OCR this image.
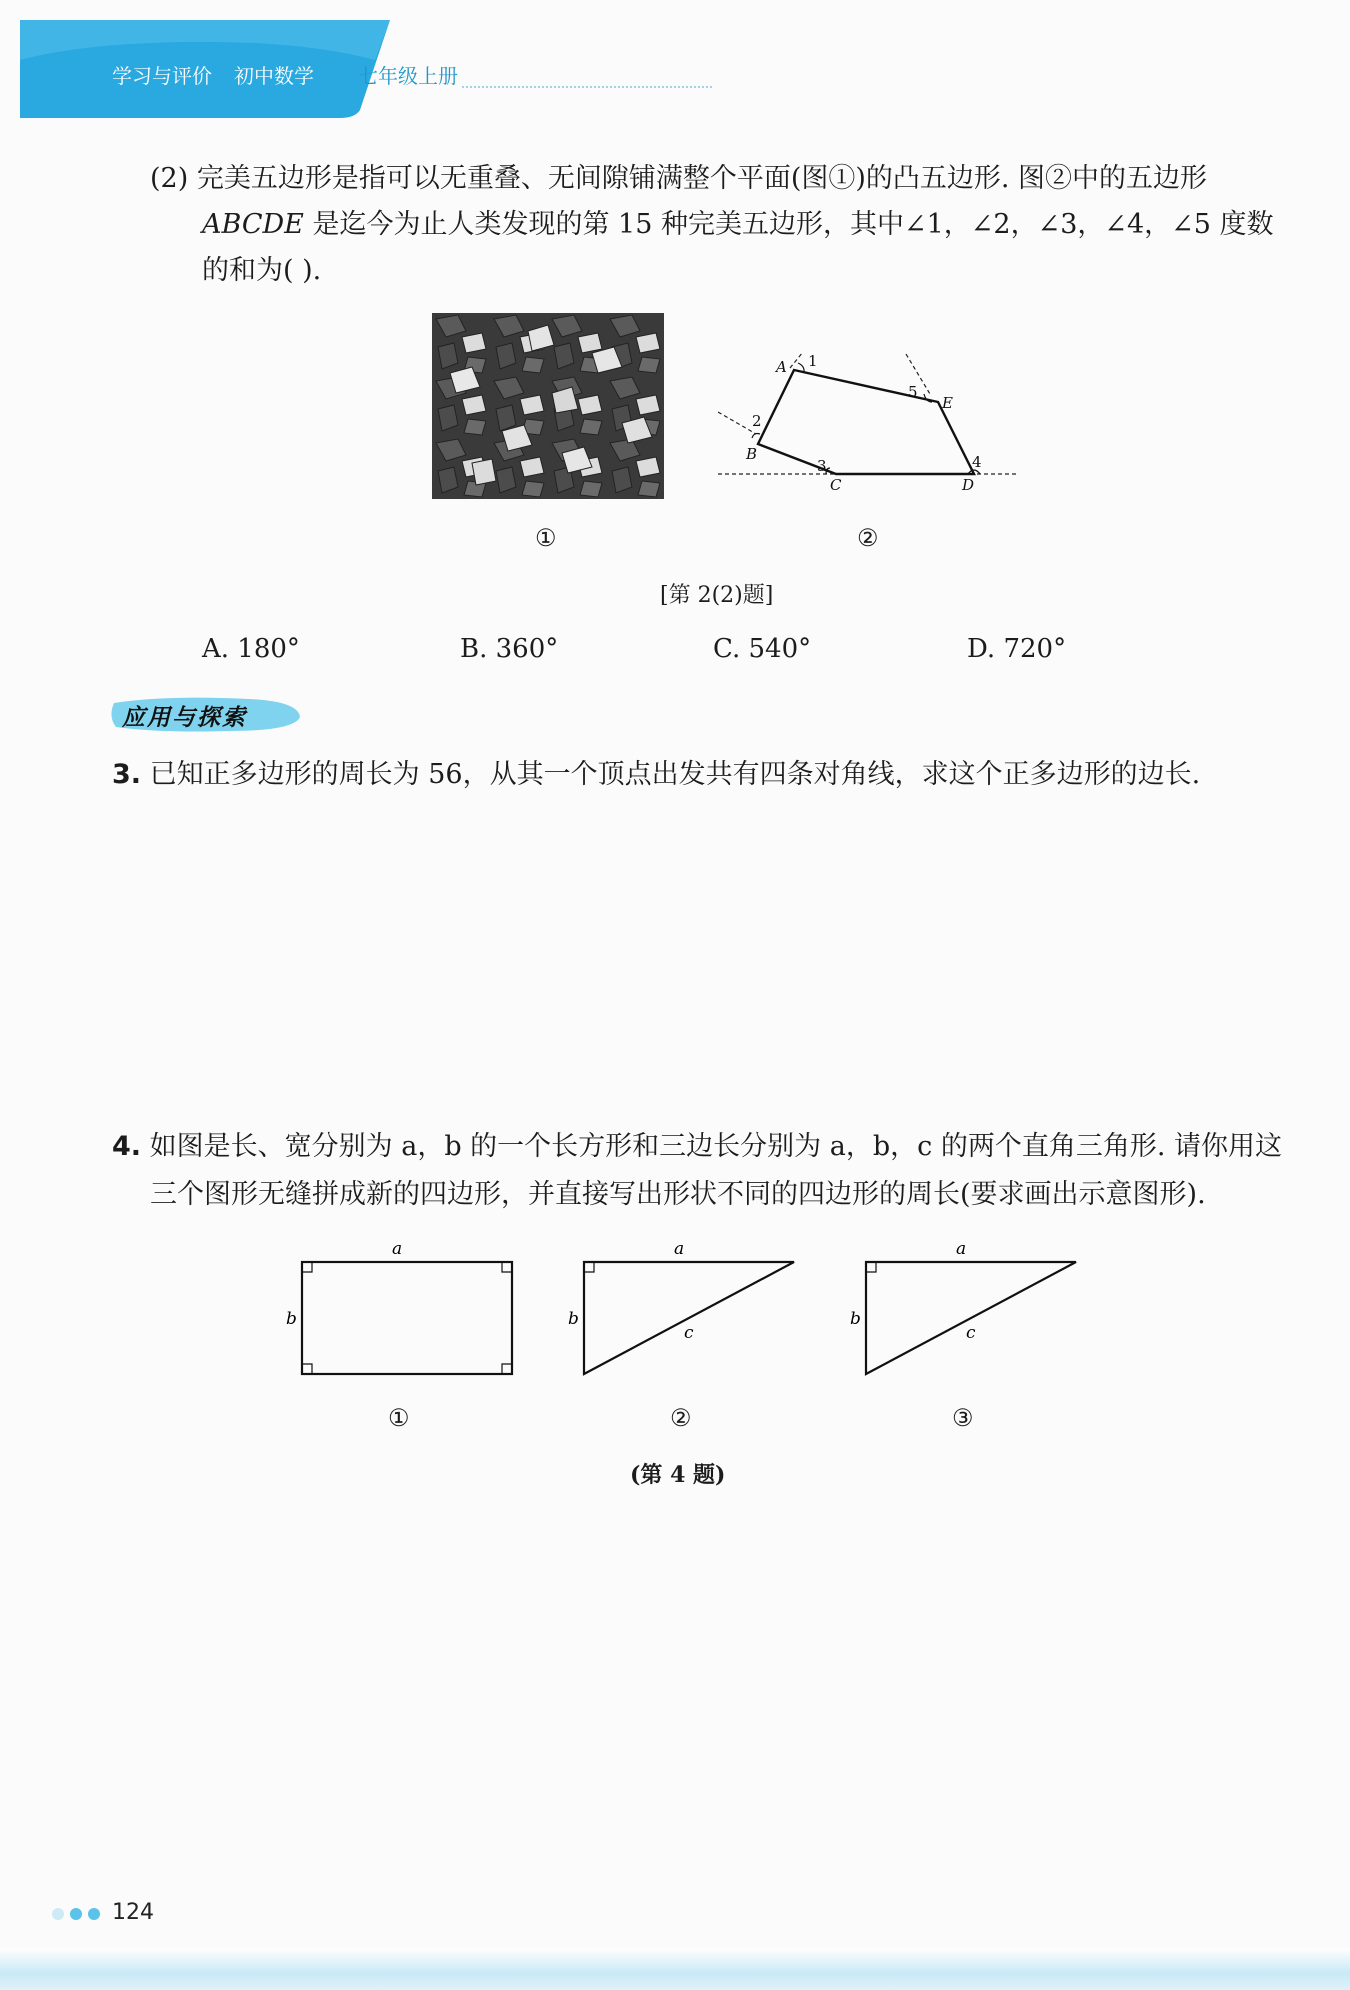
学习与评价 初中数学	七年级上册
(2) 完美五边形是指可以无重叠、无间隙铺满整个平面(图①)的凸五边形. 图②中的五边形
ABCDE 是迄今为止人类发现的第 15 种完美五边形，其中∠1，∠2，∠3，∠4，∠5 度数
的和为( ).
A
B
C	D
E
1
2
3	4
5
①	②
[第 2(2)题]
A. 180°	B. 360°	C. 540°	D. 720°
应用与探索
3. 已知正多边形的周长为 56，从其一个顶点出发共有四条对角线，求这个正多边形的边长.
4. 如图是长、宽分别为 a，b 的一个长方形和三边长分别为 a，b，c 的两个直角三角形. 请你用这
三个图形无缝拼成新的四边形，并直接写出形状不同的四边形的周长(要求画出示意图形).
a
b
a
b
c
a
b
c
①	②	③
(第 4 题)
124
